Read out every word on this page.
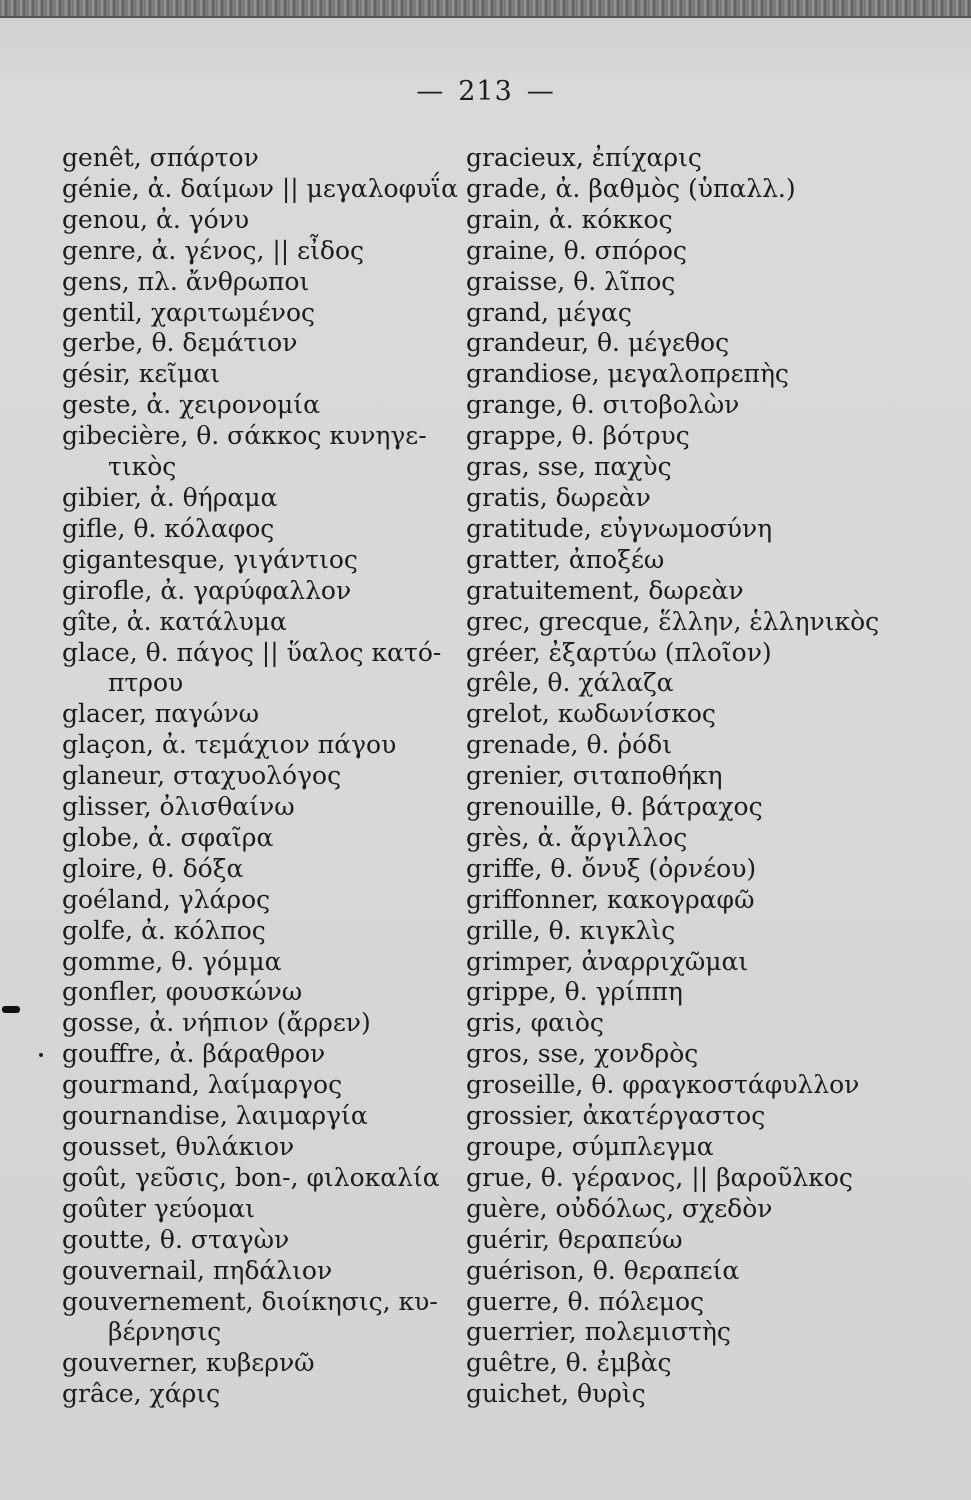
— 213 —
genêt, σπάρτον
génie, ἀ. δαίμων || μεγαλοφυΐα
genou, ἀ. γόνυ
genre, ἀ. γένος, || εἶδος
gens, πλ. ἄνθρωποι
gentil, χαριτωμένος
gerbe, θ. δεμάτιον
gésir, κεῖμαι
geste, ἀ. χειρονομία
gibecière, θ. σάκκος κυνηγε-
τικὸς
gibier, ἀ. θήραμα
gifle, θ. κόλαφος
gigantesque, γιγάντιος
girofle, ἀ. γαρύφαλλον
gîte, ἀ. κατάλυμα
glace, θ. πάγος || ὕαλος κατό-
πτρου
glacer, παγώνω
glaçon, ἀ. τεμάχιον πάγου
glaneur, σταχυολόγος
glisser, ὀλισθαίνω
globe, ἀ. σφαῖρα
gloire, θ. δόξα
goéland, γλάρος
golfe, ἀ. κόλπος
gomme, θ. γόμμα
gonfler, φουσκώνω
gosse, ἀ. νήπιον (ἄρρεν)
gouffre, ἀ. βάραθρον
gourmand, λαίμαργος
gournandise, λαιμαργία
gousset, θυλάκιον
goût, γεῦσις, bon-, φιλοκαλία
goûter γεύομαι
goutte, θ. σταγὼν
gouvernail, πηδάλιον
gouvernement, διοίκησις, κυ-
βέρνησις
gouverner, κυβερνῶ
grâce, χάρις
gracieux, ἐπίχαρις
grade, ἀ. βαθμὸς (ὑπαλλ.)
grain, ἀ. κόκκος
graine, θ. σπόρος
graisse, θ. λῖπος
grand, μέγας
grandeur, θ. μέγεθος
grandiose, μεγαλοπρεπὴς
grange, θ. σιτοβολὼν
grappe, θ. βότρυς
gras, sse, παχὺς
gratis, δωρεὰν
gratitude, εὐγνωμοσύνη
gratter, ἀποξέω
gratuitement, δωρεὰν
grec, grecque, ἕλλην, ἑλληνικὸς
gréer, ἐξαρτύω (πλοῖον)
grêle, θ. χάλαζα
grelot, κωδωνίσκος
grenade, θ. ῥόδι
grenier, σιταποθήκη
grenouille, θ. βάτραχος
grès, ἀ. ἄργιλλος
griffe, θ. ὄνυξ (ὀρνέου)
griffonner, κακογραφῶ
grille, θ. κιγκλὶς
grimper, ἀναρριχῶμαι
grippe, θ. γρίππη
gris, φαιὸς
gros, sse, χονδρὸς
groseille, θ. φραγκοστάφυλλον
grossier, ἀκατέργαστος
groupe, σύμπλεγμα
grue, θ. γέρανος, || βαροῦλκος
guère, οὐδόλως, σχεδὸν
guérir, θεραπεύω
guérison, θ. θεραπεία
guerre, θ. πόλεμος
guerrier, πολεμιστὴς
guêtre, θ. ἐμβὰς
guichet, θυρὶς
